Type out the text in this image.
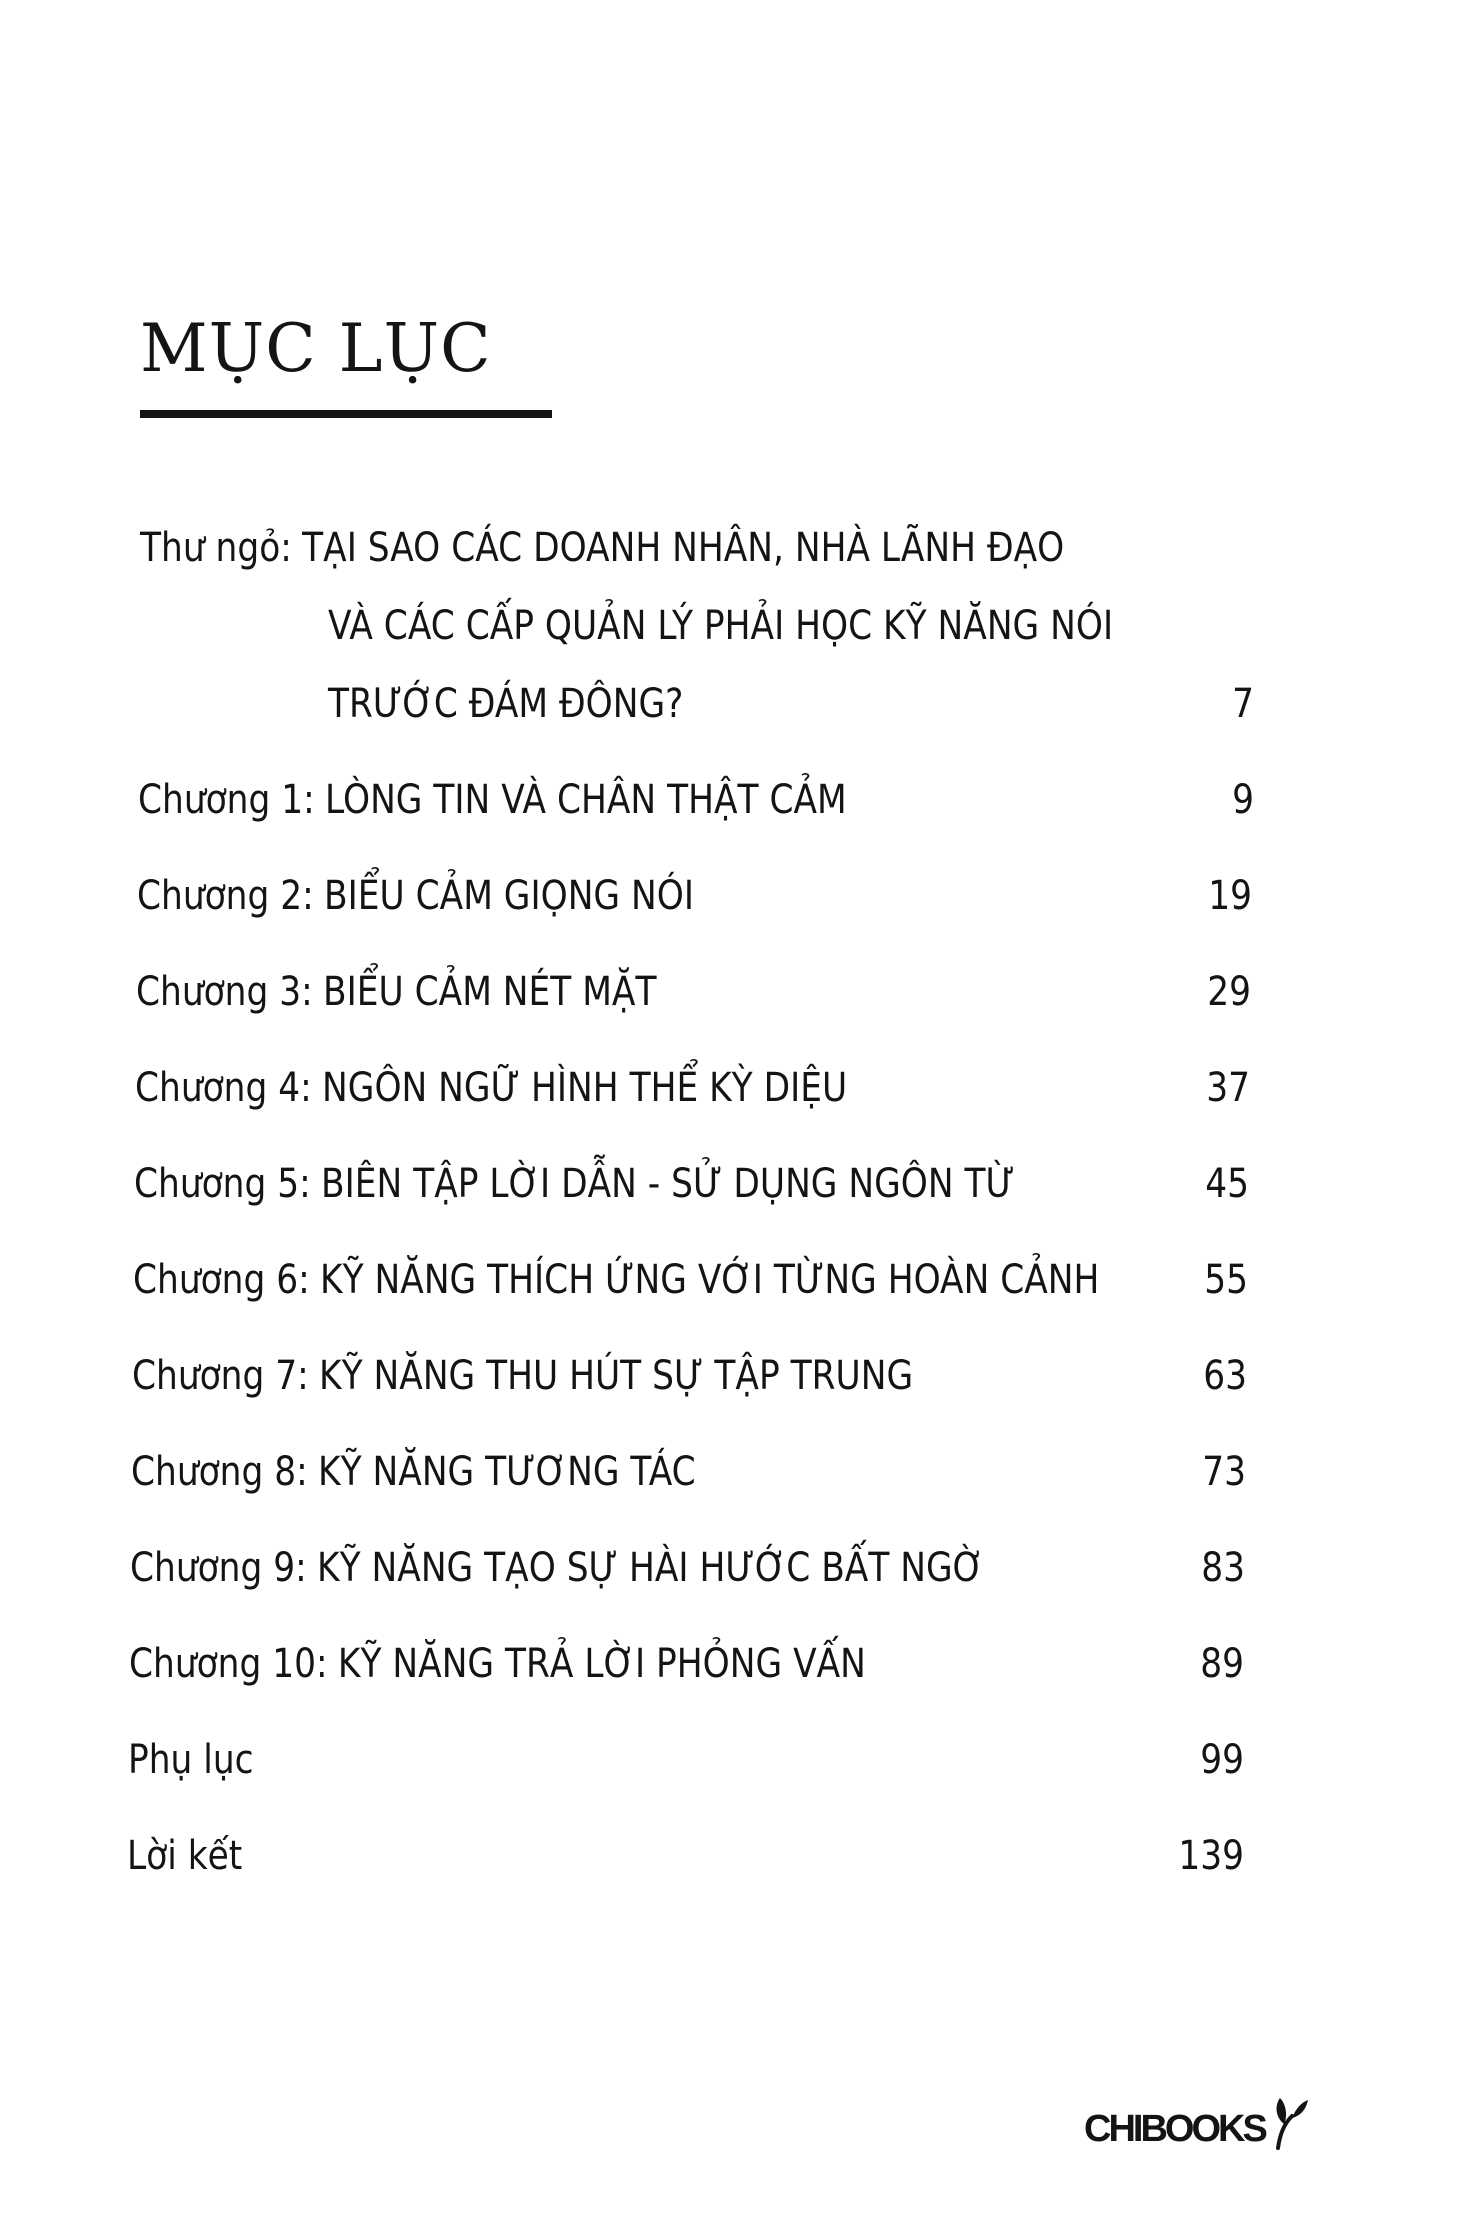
MỤC LỤC
Thư ngỏ: TẠI SAO CÁC DOANH NHÂN, NHÀ LÃNH ĐẠO
VÀ CÁC CẤP QUẢN LÝ PHẢI HỌC KỸ NĂNG NÓI
TRƯỚC ĐÁM ĐÔNG?	7
Chương 1: LÒNG TIN VÀ CHÂN THẬT CẢM	9
Chương 2: BIỂU CẢM GIỌNG NÓI	19
Chương 3: BIỂU CẢM NÉT MẶT	29
Chương 4: NGÔN NGỮ HÌNH THỂ KỲ DIỆU	37
Chương 5: BIÊN TẬP LỜI DẪN - SỬ DỤNG NGÔN TỪ	45
Chương 6: KỸ NĂNG THÍCH ỨNG VỚI TỪNG HOÀN CẢNH	55
Chương 7: KỸ NĂNG THU HÚT SỰ TẬP TRUNG	63
Chương 8: KỸ NĂNG TƯƠNG TÁC	73
Chương 9: KỸ NĂNG TẠO SỰ HÀI HƯỚC BẤT NGỜ	83
Chương 10: KỸ NĂNG TRẢ LỜI PHỎNG VẤN	89
Phụ lục	99
Lời kết	139
CHIBOOKS
